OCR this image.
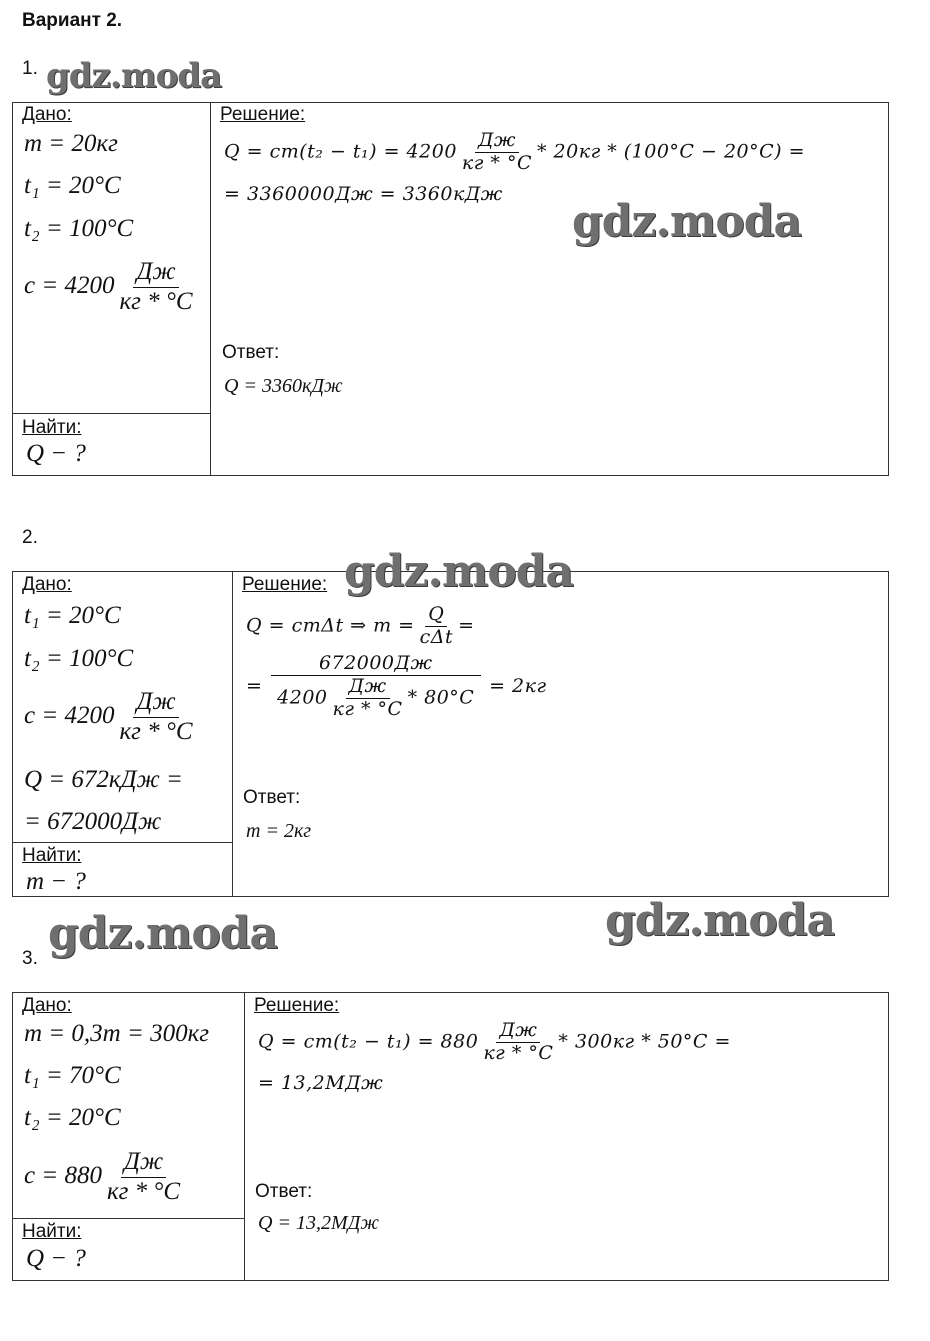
Вариант 2.
1. gdz.moda
Дано:
m = 20кг
t₁ = 20°C
t₂ = 100°C
$c = 4200 \frac{Дж}{кг * ^\circ C}$
Найти:
Q − ?
Решение:
$Q = cm(t_2 - t_1) = 4200 \frac{Дж}{кг * ^\circ C} * 20кг * (100^\circ C - 20^\circ C)$ =
= 3360000Дж = 3360кДж
gdz.moda
Ответ:
Q = 3360кДж
2.
Дано:
t₁ = 20°C
t₂ = 100°C
$c = 4200 \frac{Дж}{кг * ^\circ C}$
Q = 672кДж =
= 672000Дж
Найти:
m − ?
Решение: gdz.moda
Q = cmΔt ⇒ $m = \frac{Q}{\text{cΔt}}$ =
= $\frac{672000Дж}{4200 \frac{Дж}{кг * ^\circ C} * 80^\circ C} = 2кг$
Ответ:
m = 2кг
gdz.moda	gdz.moda
3.
Дано:
m = 0,3т = 300кг
t₁ = 70°C
t₂ = 20°C
$c = 880 \frac{Дж}{кг * ^\circ C}$
Найти:
Q − ?
Решение:
$Q = cm(t_2 - t_1) = 880 \frac{Дж}{кг * ^\circ C} * 300кг * 50^\circ C$ =
= 13,2МДж
Ответ:
Q = 13,2МДж
